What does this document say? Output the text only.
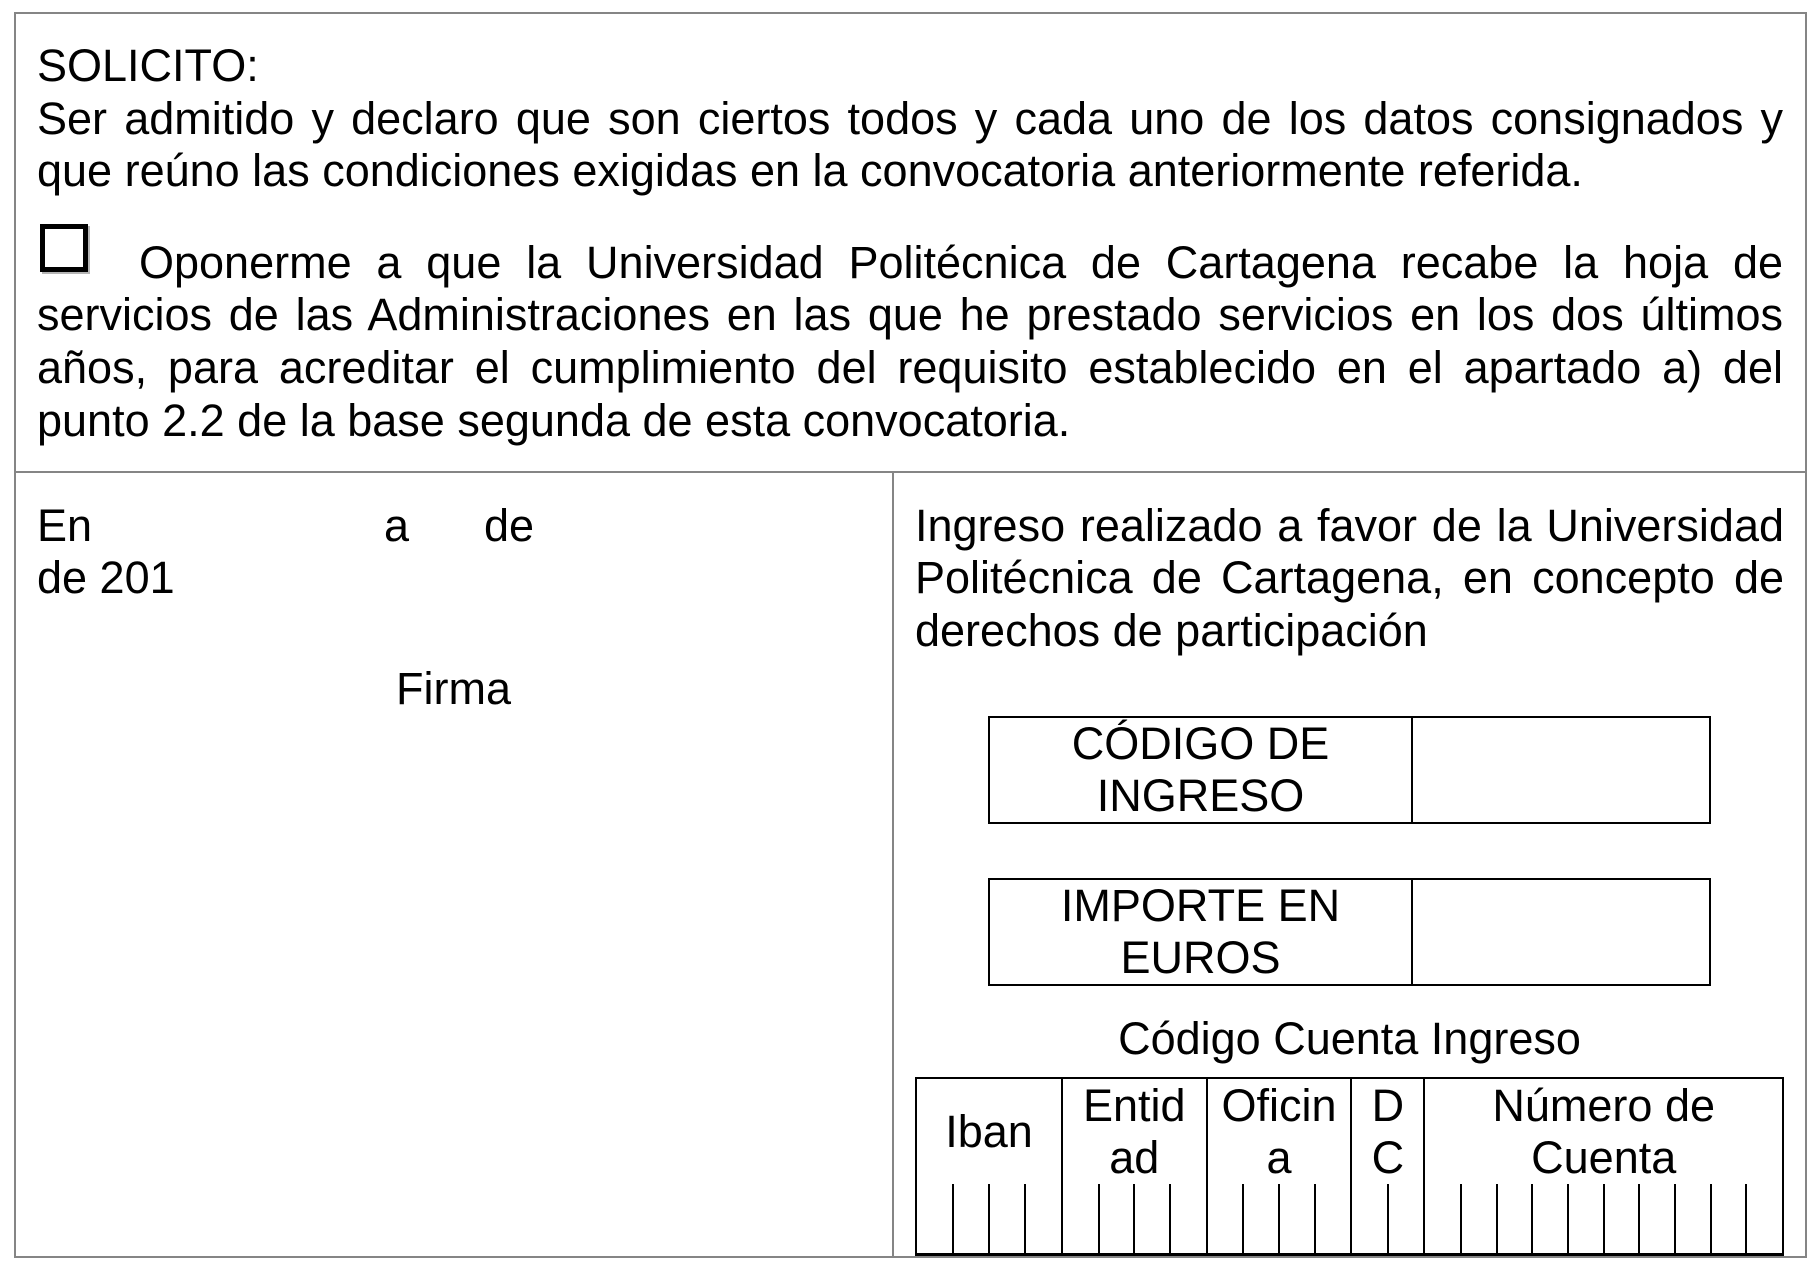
SOLICITO:
Ser admitido y declaro que son ciertos todos y cada uno de los datos consignados y
que reúno las condiciones exigidas en la convocatoria anteriormente referida.
Oponerme a que la Universidad Politécnica de Cartagena recabe la hoja de
servicios de las Administraciones en las que he prestado servicios en los dos últimos
años, para acreditar el cumplimiento del requisito establecido en el apartado a) del
punto 2.2 de la base segunda de esta convocatoria.
En	a de
de 201
Firma
Ingreso realizado a favor de la Universidad
Politécnica de Cartagena, en concepto de
derechos de participación
CÓDIGO DE
INGRESO
IMPORTE EN
EUROS
Código Cuenta Ingreso
Iban
Entid
ad
Oficin
a
D
C
Número de
Cuenta
